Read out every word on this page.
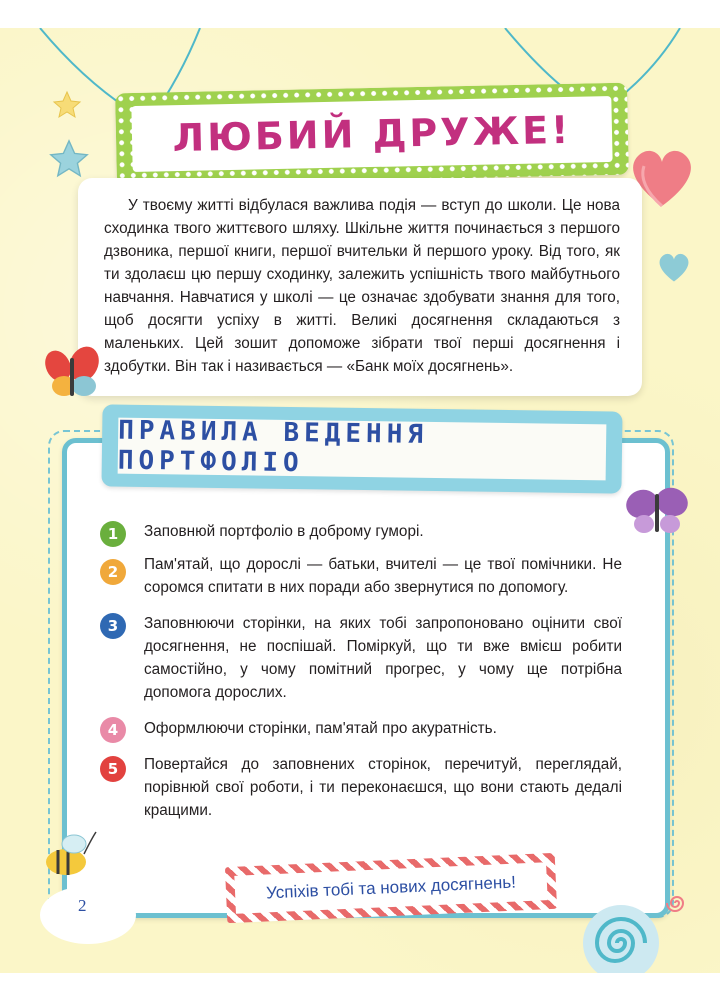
ЛЮБИЙ ДРУЖЕ!
У твоєму житті відбулася важлива подія — вступ до школи. Це нова сходинка твого життєвого шляху. Шкільне життя починається з першого дзвоника, першої книги, першої вчительки й першого уроку. Від того, як ти здолаєш цю першу сходинку, залежить успішність твого майбутнього навчання. Навчатися у школі — це означає здобувати знання для того, щоб досягти успіху в житті. Великі досягнення складаються з маленьких. Цей зошит допоможе зібрати твої перші досягнення і здобутки. Він так і називається — «Банк моїх досягнень».
ПРАВИЛА ВЕДЕННЯ ПОРТФОЛІО
1	Заповнюй портфоліо в доброму гуморі.
2	Пам'ятай, що дорослі — батьки, вчителі — це твої помічники. Не соромся спитати в них поради або звернутися по допомогу.
3	Заповнюючи сторінки, на яких тобі запропоновано оцінити свої досягнення, не поспішай. Поміркуй, що ти вже вмієш робити самостійно, у чому помітний прогрес, у чому ще потрібна допомога дорослих.
4	Оформлюючи сторінки, пам'ятай про акуратність.
5	Повертайся до заповнених сторінок, перечитуй, переглядай, порівнюй свої роботи, і ти переконаєшся, що вони стають дедалі кращими.
Успіхів тобі та нових досягнень!
2
